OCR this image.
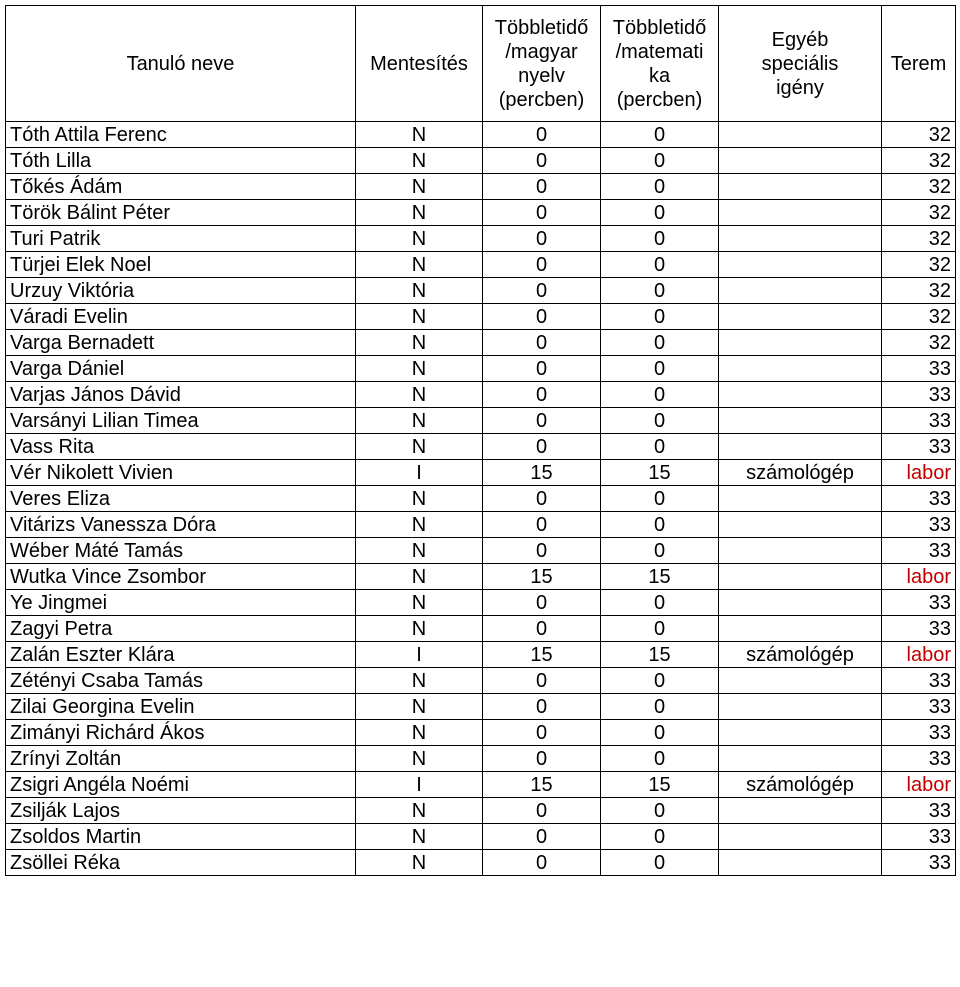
Tanuló neve	Mentesítés	Többletidő
/magyar
nyelv
(percben)	Többletidő
/matemati
ka
(percben)	Egyéb
speciális
igény	Terem
Tóth Attila Ferenc	N	0	0		32
Tóth Lilla	N	0	0		32
Tőkés Ádám	N	0	0		32
Török Bálint Péter	N	0	0		32
Turi Patrik	N	0	0		32
Türjei Elek Noel	N	0	0		32
Urzuy Viktória	N	0	0		32
Váradi Evelin	N	0	0		32
Varga Bernadett	N	0	0		32
Varga Dániel	N	0	0		33
Varjas János Dávid	N	0	0		33
Varsányi Lilian Timea	N	0	0		33
Vass Rita	N	0	0		33
Vér Nikolett Vivien	I	15	15	számológép	labor
Veres Eliza	N	0	0		33
Vitárizs Vanessza Dóra	N	0	0		33
Wéber Máté Tamás	N	0	0		33
Wutka Vince Zsombor	N	15	15		labor
Ye Jingmei	N	0	0		33
Zagyi Petra	N	0	0		33
Zalán Eszter Klára	I	15	15	számológép	labor
Zétényi Csaba Tamás	N	0	0		33
Zilai Georgina Evelin	N	0	0		33
Zimányi Richárd Ákos	N	0	0		33
Zrínyi Zoltán	N	0	0		33
Zsigri Angéla Noémi	I	15	15	számológép	labor
Zsilják Lajos	N	0	0		33
Zsoldos Martin	N	0	0		33
Zsöllei Réka	N	0	0		33
